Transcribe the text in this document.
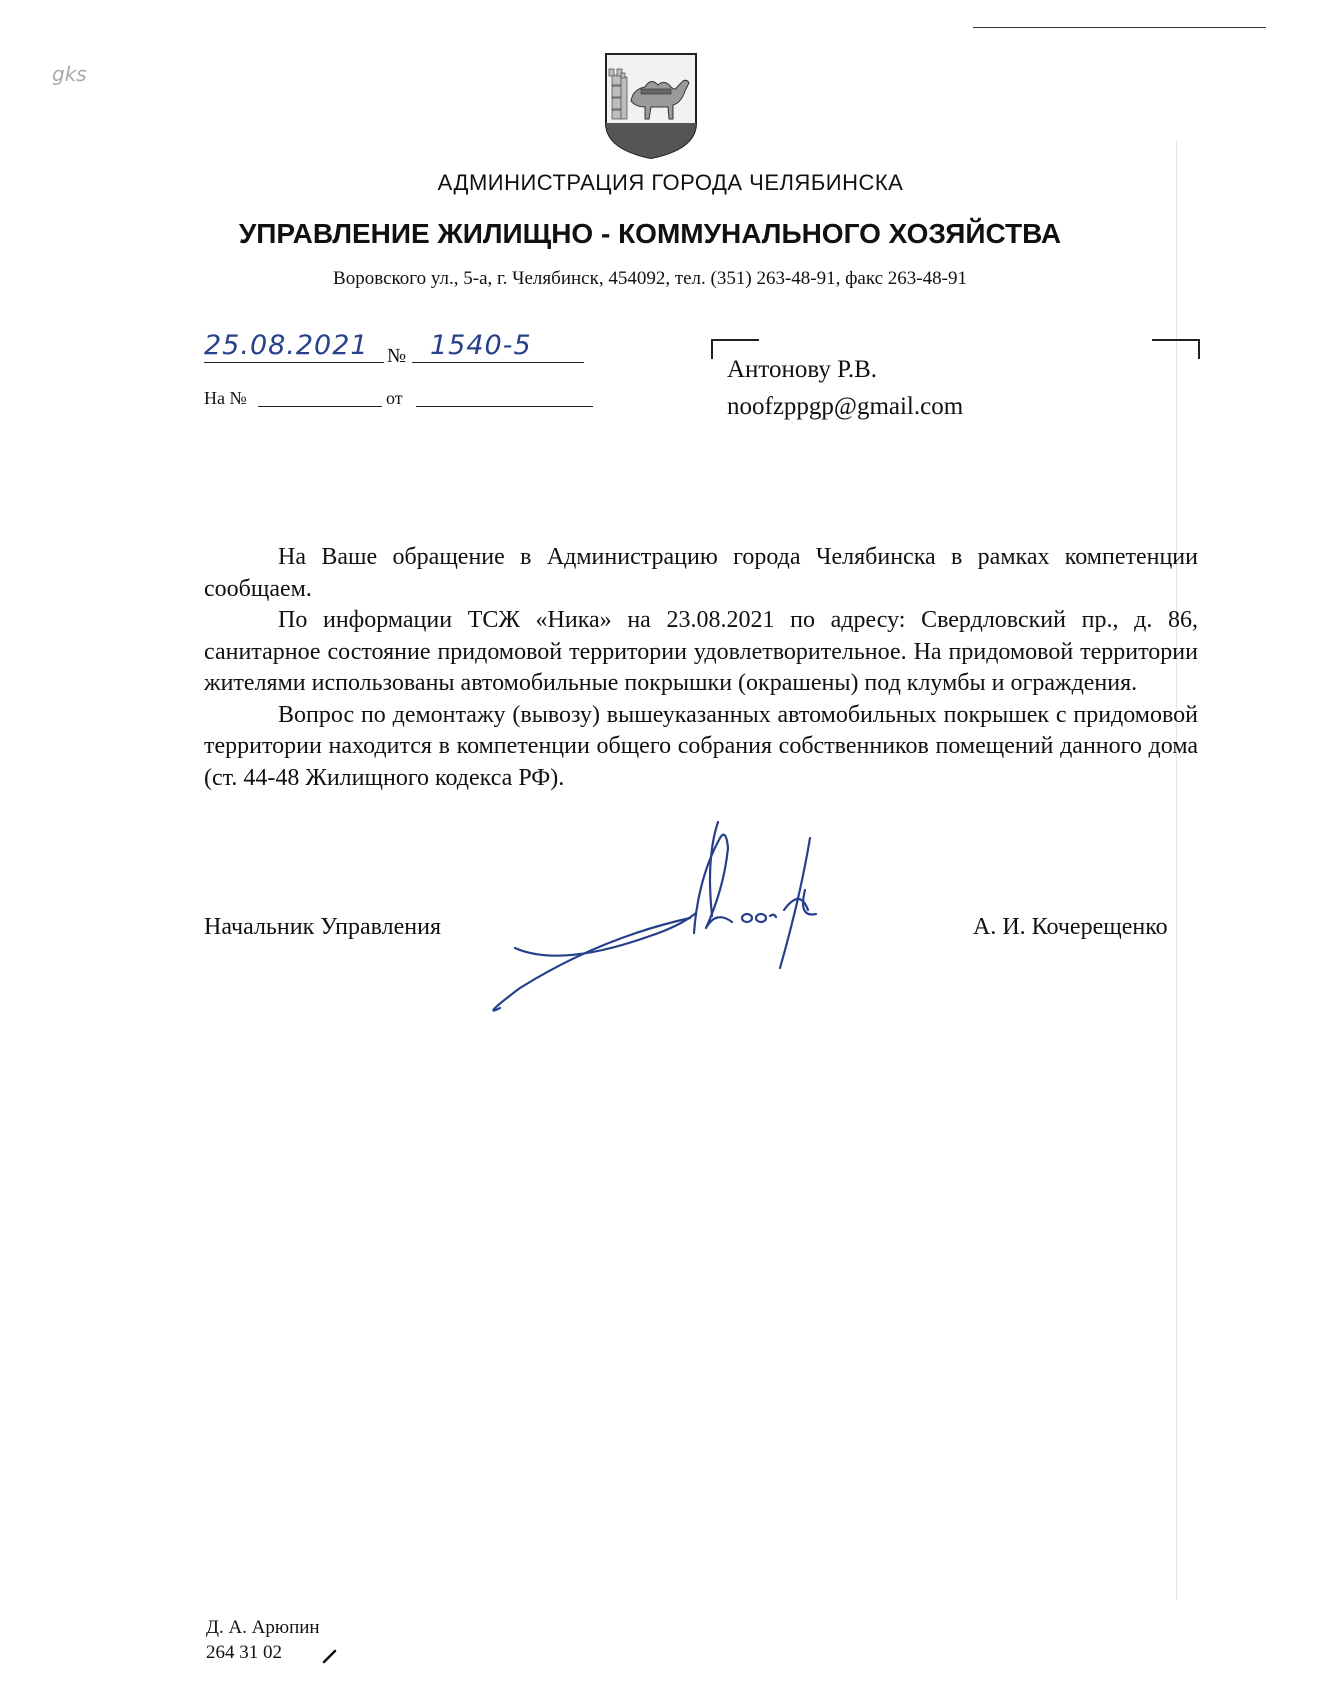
gks
АДМИНИСТРАЦИЯ ГОРОДА ЧЕЛЯБИНСКА
УПРАВЛЕНИЕ ЖИЛИЩНО - КОММУНАЛЬНОГО ХОЗЯЙСТВА
Воровского ул., 5-а, г. Челябинск, 454092, тел. (351) 263-48-91, факс 263-48-91
25.08.2021 № 1540-5
На №	от
Антонову Р.В.
noofzppgp@gmail.com

На Ваше обращение в Администрацию города Челябинска в рамках компетенции сообщаем.

По информации ТСЖ «Ника» на 23.08.2021 по адресу: Свердловский пр., д. 86, санитарное состояние придомовой территории удовлетворительное. На придомовой территории жителями использованы автомобильные покрышки (окрашены) под клумбы и ограждения.

Вопрос по демонтажу (вывозу) вышеуказанных автомобильных покрышек с придомовой территории находится в компетенции общего собрания собственников помещений данного дома (ст. 44-48 Жилищного кодекса РФ).

Начальник Управления	А. И. Кочерещенко
Д. А. Арюпин
264 31 02
